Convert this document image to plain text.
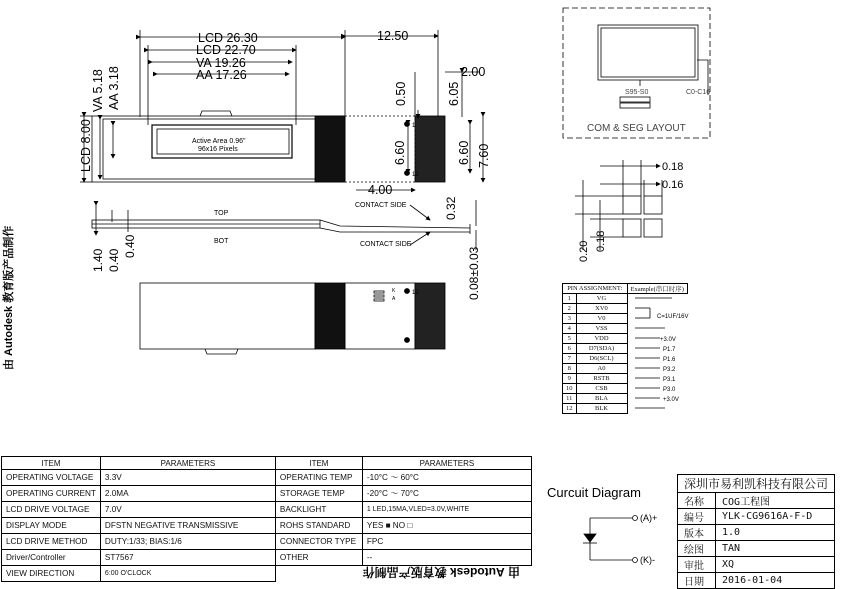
LCD 26.30
LCD 22.70
VA 19.26
AA 17.26
12.50
2.00
4.00
VA 5.18 AA 3.18
LCD 8.00
0.50	6.05
6.60	6.60 7.60
Active Area 0.96"
96x16 Pixels
1
12
TOP
BOT
CONTACT SIDE
CONTACT SIDE
12
K
A
1.40 0.40
0.40
0.32
0.08±0.03
COM & SEG LAYOUT
S95-S0	C0-C16
0.18
0.16
0.20 0.18
C=1UF/16V
+3.0V
P1.7
P1.6
P3.2
P3.1
P3.0
+3.0V
Curcuit Diagram
(A)+
(K)-
由 Autodesk 教育版产品制作
由 Autodesk 教育版产品制作
PIN ASSIGNMENT:		Example(串口时序)
1	VG	
2	XV0	
3	V0	
4	VSS	
5	VDD	
6	D7(SDA)	
7	D6(SCL)	
8	A0	
9	RSTB	
10	CSB	
11	BLA	
12	BLK	
ITEM	PARAMETERS	ITEM	PARAMETERS
OPERATING VOLTAGE	3.3V	OPERATING TEMP	-10°C ～ 60°C
OPERATING CURRENT	2.0MA	STORAGE TEMP	-20°C ～ 70°C
LCD DRIVE VOLTAGE	7.0V	BACKLIGHT	1 LED,15MA,VLED=3.0V,WHITE
DISPLAY MODE	DFSTN NEGATIVE TRANSMISSIVE	ROHS STANDARD	YES ■ NO □
LCD DRIVE METHOD	DUTY:1/33; BIAS:1/6	CONNECTOR TYPE	FPC
Driver/Controller	ST7567	OTHER	--
VIEW DIRECTION	6:00 O'CLOCK		
深圳市易利凯科技有限公司	
名称	COG工程图
编号	YLK-CG9616A-F-D
版本	1.0
绘图	TAN
审批	XQ
日期	2016-01-04
